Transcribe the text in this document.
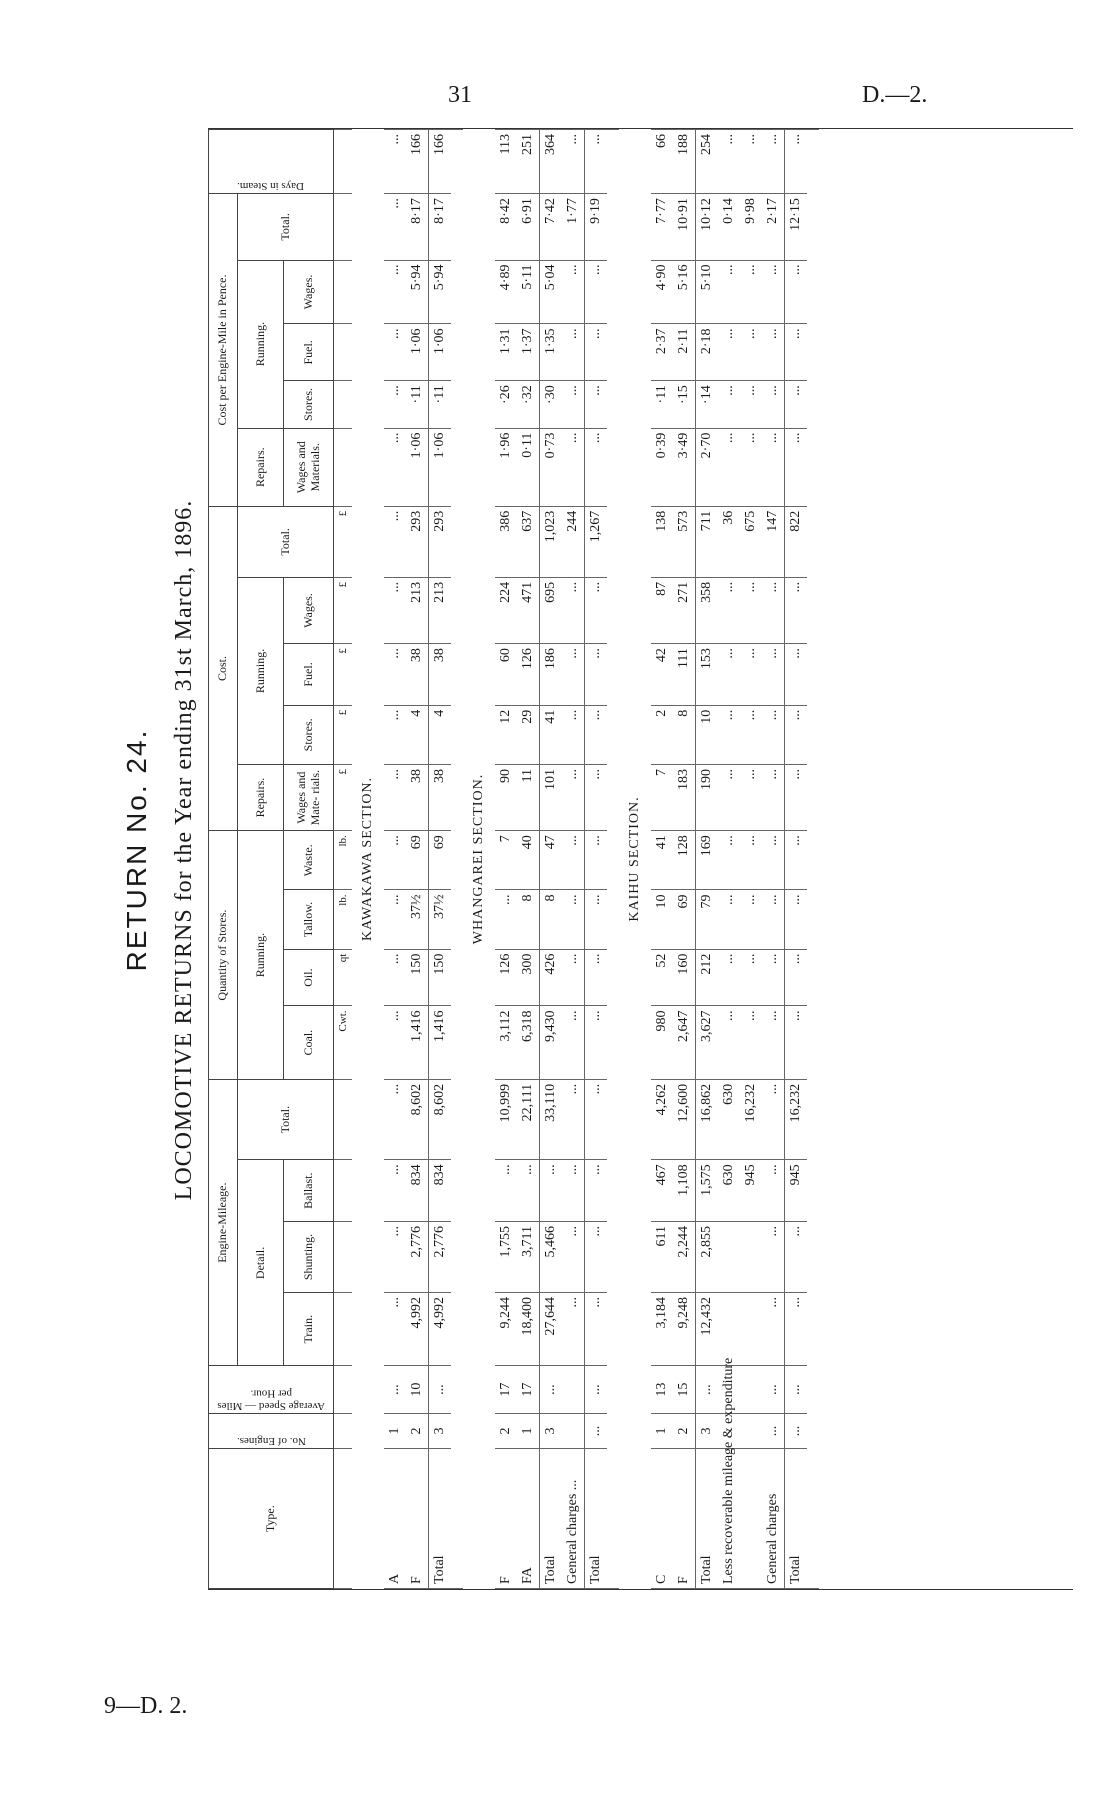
31	D.—2.
RETURN No. 24. LOCOMOTIVE RETURNS for the Year ending 31st March, 1896.
Type.	No. of Engines.	Average Speed — Miles per Hour.	Engine-Mileage.				Quantity of Stores.				Cost.					Cost per Engine-Mile in Pence.					Days in Steam.

			Detail.			Total.	Running.				Repairs.	Running.			Total.	Repairs.	Running.			Total.	
			Train.	Shunting.	Ballast.		Coal.	Oil.	Tallow.	Waste.	Wages and Mate- rials.	Stores.	Fuel.	Wages.		Wages and Materials.	Stores.	Fuel.	Wages.		

							Cwt.	qt	lb.	lb.	£	£	£	£	£						
KAWAKAWA SECTION.																					
A	1	...	...	...	...	...	...	...	...	...	...	...	...	...	...	...	...	...	...	...	...
F	2	10	4,992	2,776	834	8,602	1,416	150	37½	69	38	4	38	213	293	1·06	·11	1·06	5·94	8·17	166
Total	3	...	4,992	2,776	834	8,602	1,416	150	37½	69	38	4	38	213	293	1·06	·11	1·06	5·94	8·17	166

WHANGAREI SECTION.																					
F	2	17	9,244	1,755	...	10,999	3,112	126	...	7	90	12	60	224	386	1·96	·26	1·31	4·89	8·42	113
FA	1	17	18,400	3,711	...	22,111	6,318	300	8	40	11	29	126	471	637	0·11	·32	1·37	5·11	6·91	251
Total	3	...	27,644	5,466	...	33,110	9,430	426	8	47	101	41	186	695	1,023	0·73	·30	1·35	5·04	7·42	364
General charges ...			...	...	...	...	...	...	...	...	...	...	...	...	244	...	...	...	...	1·77	...
Total	...	...	...	...	...	...	...	...	...	...	...	...	...	...	1,267	...	...	...	...	9·19	...

KAIHU SECTION.																					
C	1	13	3,184	611	467	4,262	980	52	10	41	7	2	42	87	138	0·39	·11	2·37	4·90	7·77	66
F	2	15	9,248	2,244	1,108	12,600	2,647	160	69	128	183	8	111	271	573	3·49	·15	2·11	5·16	10·91	188
Total	3	...	12,432	2,855	1,575	16,862	3,627	212	79	169	190	10	153	358	711	2·70	·14	2·18	5·10	10·12	254
Less recoverable mileage & expenditure					630	630	...	...	...	...	...	...	...	...	36	...	...	...	...	0·14	...
					945	16,232	...	...	...	...	...	...	...	...	675	...	...	...	...	9·98	...
General charges	...	...	...	...	...	...	...	...	...	...	...	...	...	...	147	...	...	...	...	2·17	...
Total	...	...	...	...	945	16,232	...	...	...	...	...	...	...	...	822	...	...	...	...	12·15	...

9—D. 2.
